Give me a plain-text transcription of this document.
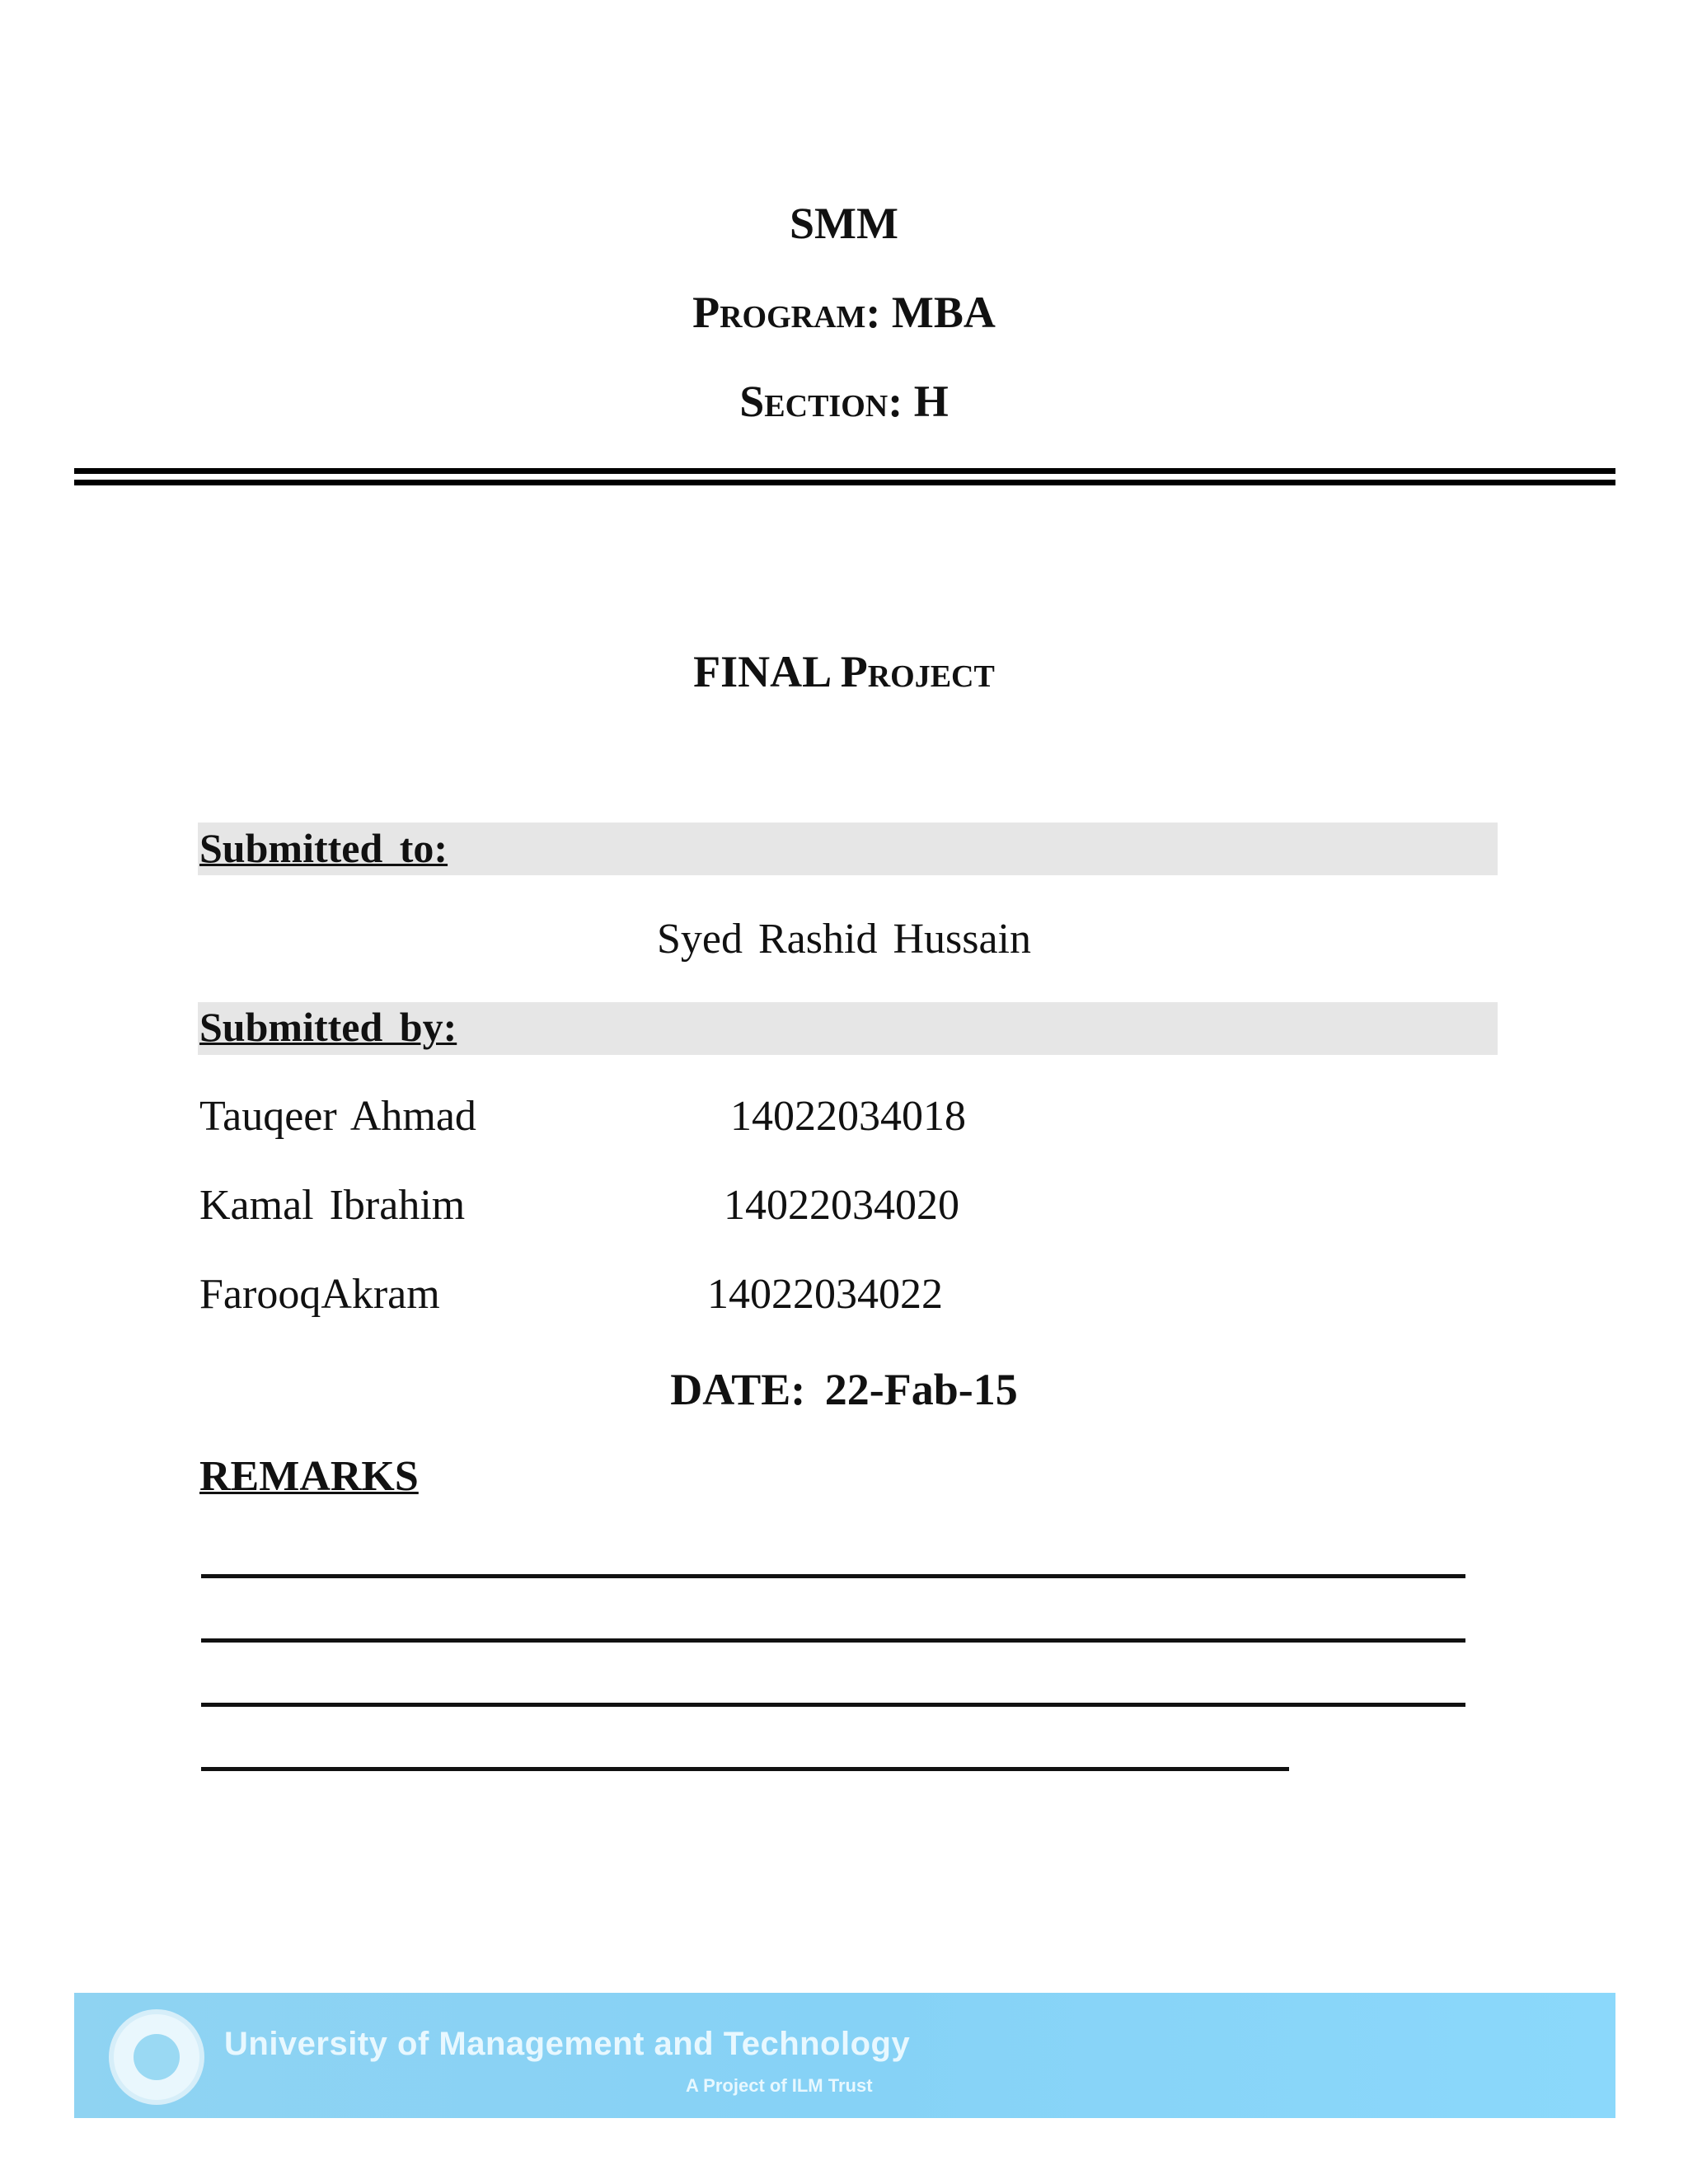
SMM
Program: MBA
Section: H
FINAL Project
Submitted to:
Syed Rashid Hussain
Submitted by:
Tauqeer Ahmad	14022034018
Kamal Ibrahim	14022034020
FarooqAkram	14022034022
DATE: 22-Fab-15
REMARKS
University of Management and Technology
A Project of ILM Trust
